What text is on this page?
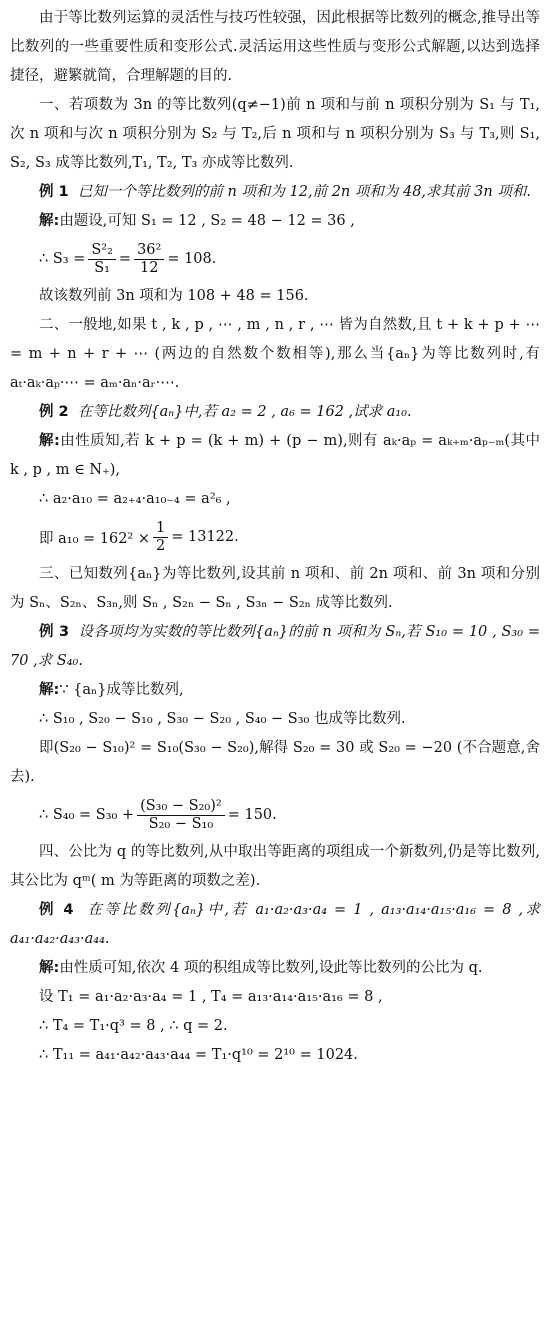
由于等比数列运算的灵活性与技巧性较强，因此根据等比数列的概念,推导出等比数列的一些重要性质和变形公式.灵活运用这些性质与变形公式解题,以达到选择捷径，避繁就简，合理解题的目的.

一、若项数为 3n 的等比数列(q≠−1)前 n 项和与前 n 项积分别为 S₁ 与 T₁,次 n 项和与次 n 项积分别为 S₂ 与 T₂,后 n 项和与 n 项积分别为 S₃ 与 T₃,则 S₁, S₂, S₃ 成等比数列,T₁, T₂, T₃ 亦成等比数列.

例 1 已知一个等比数列的前 n 项和为 12,前 2n 项和为 48,求其前 3n 项和.

解:由题设,可知 S₁ = 12 , S₂ = 48 − 12 = 36 ,

∴ $S_3 = \frac{\text{S²₂}}{\text{S₁}} = \frac{\text{36²}}{12} = 108$.

故该数列前 3n 项和为 108 + 48 = 156.

二、一般地,如果 t , k , p , ⋯ , m , n , r , ⋯ 皆为自然数,且 t + k + p + ⋯ = m + n + r + ⋯ (两边的自然数个数相等),那么当{aₙ}为等比数列时,有 aₜ·aₖ·aₚ·⋯ = aₘ·aₙ·aᵣ·⋯.

例 2 在等比数列{aₙ}中,若 a₂ = 2 , a₆ = 162 ,试求 a₁₀.

解:由性质知,若 k + p = (k + m) + (p − m),则有 aₖ·aₚ = aₖ₊ₘ·aₚ₋ₘ(其中 k , p , m ∈ N₊),

∴ a₂·a₁₀ = a₂₊₄·a₁₀₋₄ = a²₆ ,

即 $a_{10} = 162^2 \times \frac{1}{2} = 13122$.

三、已知数列{aₙ}为等比数列,设其前 n 项和、前 2n 项和、前 3n 项和分别为 Sₙ、S₂ₙ、S₃ₙ,则 Sₙ , S₂ₙ − Sₙ , S₃ₙ − S₂ₙ 成等比数列.

例 3 设各项均为实数的等比数列{aₙ}的前 n 项和为 Sₙ,若 S₁₀ = 10 , S₃₀ = 70 ,求 S₄₀.

解:∵ {aₙ}成等比数列,

∴ S₁₀ , S₂₀ − S₁₀ , S₃₀ − S₂₀ , S₄₀ − S₃₀ 也成等比数列.

即(S₂₀ − S₁₀)² = S₁₀(S₃₀ − S₂₀),解得 S₂₀ = 30 或 S₂₀ = −20 (不合题意,舍去).

∴ $S_{40} = S_{30} + \frac{\text{(S₃₀ − S₂₀)²}}{\text{S₂₀ − S₁₀}} = 150$.

四、公比为 q 的等比数列,从中取出等距离的项组成一个新数列,仍是等比数列,其公比为 qᵐ( m 为等距离的项数之差).

例 4 在等比数列{aₙ}中,若 a₁·a₂·a₃·a₄ = 1 , a₁₃·a₁₄·a₁₅·a₁₆ = 8 ,求 a₄₁·a₄₂·a₄₃·a₄₄.

解:由性质可知,依次 4 项的积组成等比数列,设此等比数列的公比为 q.

设 T₁ = a₁·a₂·a₃·a₄ = 1 , T₄ = a₁₃·a₁₄·a₁₅·a₁₆ = 8 ,

∴ T₄ = T₁·q³ = 8 , ∴ q = 2.

∴ T₁₁ = a₄₁·a₄₂·a₄₃·a₄₄ = T₁·q¹⁰ = 2¹⁰ = 1024.
